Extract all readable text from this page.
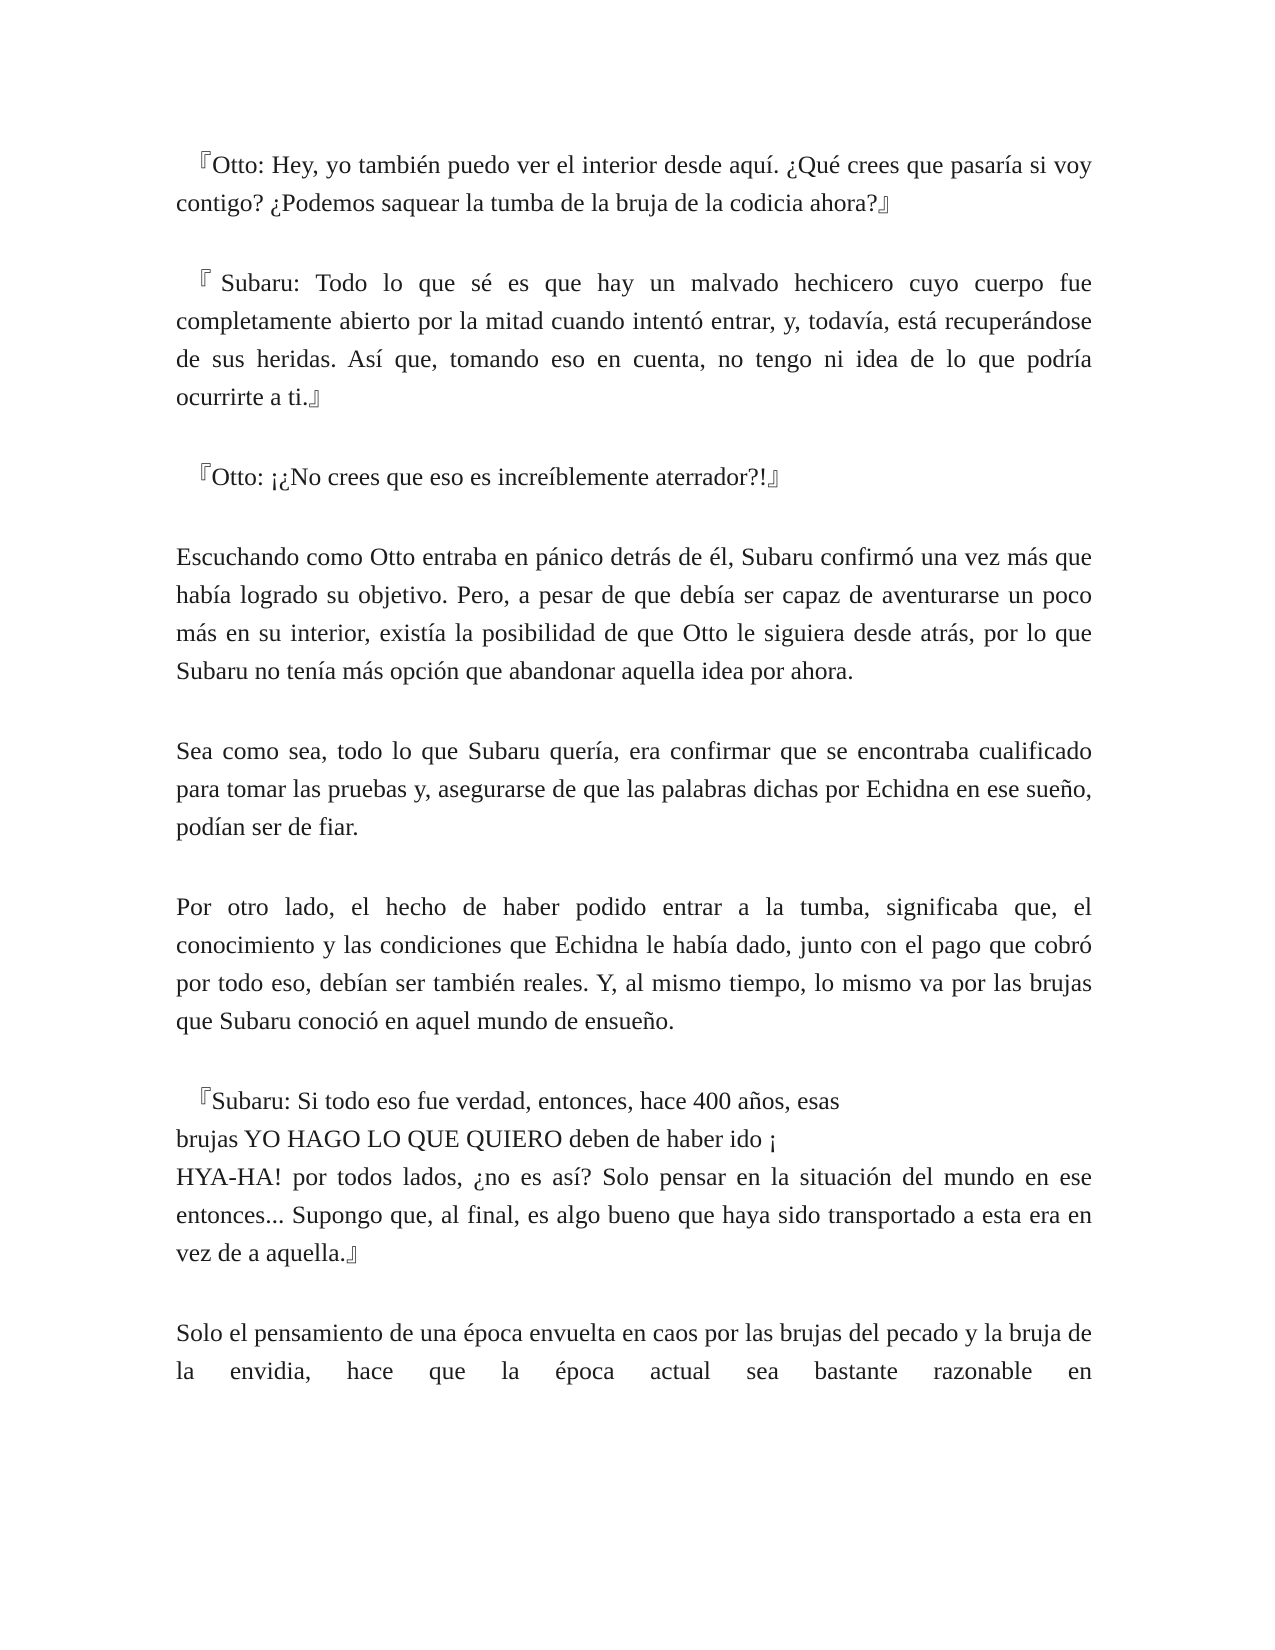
『Otto: Hey, yo también puedo ver el interior desde aquí. ¿Qué crees que pasaría si voy contigo? ¿Podemos saquear la tumba de la bruja de la codicia ahora?』

『Subaru: Todo lo que sé es que hay un malvado hechicero cuyo cuerpo fue completamente abierto por la mitad cuando intentó entrar, y, todavía, está recuperándose de sus heridas. Así que, tomando eso en cuenta, no tengo ni idea de lo que podría ocurrirte a ti.』

『Otto: ¡¿No crees que eso es increíblemente aterrador?!』

Escuchando como Otto entraba en pánico detrás de él, Subaru confirmó una vez más que había logrado su objetivo. Pero, a pesar de que debía ser capaz de aventurarse un poco más en su interior, existía la posibilidad de que Otto le siguiera desde atrás, por lo que Subaru no tenía más opción que abandonar aquella idea por ahora.

Sea como sea, todo lo que Subaru quería, era confirmar que se encontraba cualificado para tomar las pruebas y, asegurarse de que las palabras dichas por Echidna en ese sueño, podían ser de fiar.

Por otro lado, el hecho de haber podido entrar a la tumba, significaba que, el conocimiento y las condiciones que Echidna le había dado, junto con el pago que cobró por todo eso, debían ser también reales. Y, al mismo tiempo, lo mismo va por las brujas que Subaru conoció en aquel mundo de ensueño.

『Subaru: Si todo eso fue verdad, entonces, hace 400 años, esas
brujas YO HAGO LO QUE QUIERO deben de haber ido ¡
HYA-HA! por todos lados, ¿no es así? Solo pensar en la situación del mundo en ese entonces... Supongo que, al final, es algo bueno que haya sido transportado a esta era en vez de a aquella.』

Solo el pensamiento de una época envuelta en caos por las brujas del pecado y la bruja de la envidia, hace que la época actual sea bastante razonable en
